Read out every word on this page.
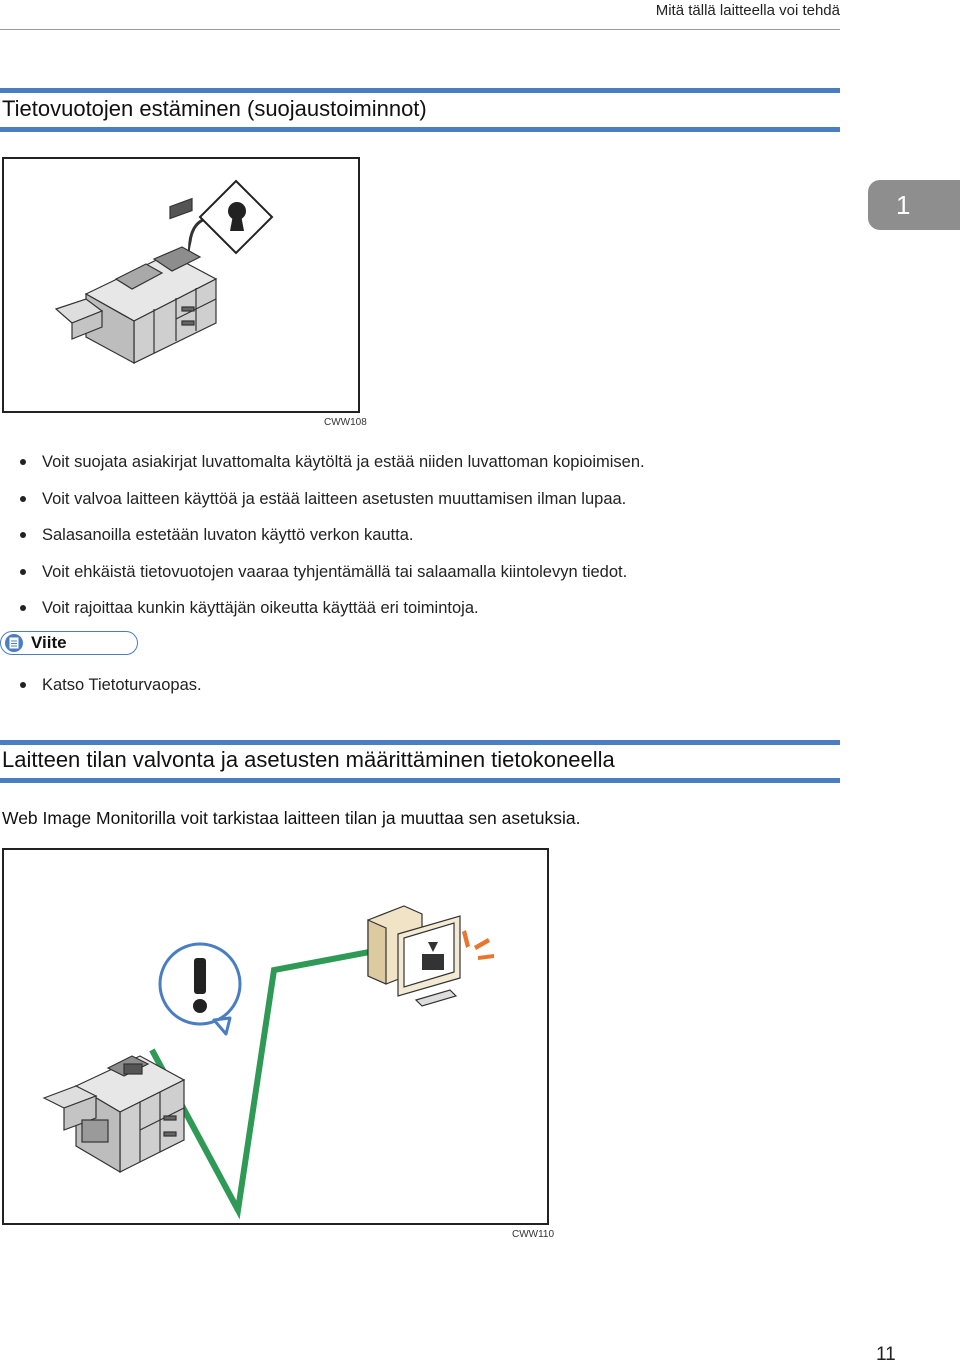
Mitä tällä laitteella voi tehdä
1
Tietovuotojen estäminen (suojaustoiminnot)
CWW108
Voit suojata asiakirjat luvattomalta käytöltä ja estää niiden luvattoman kopioimisen.
Voit valvoa laitteen käyttöä ja estää laitteen asetusten muuttamisen ilman lupaa.
Salasanoilla estetään luvaton käyttö verkon kautta.
Voit ehkäistä tietovuotojen vaaraa tyhjentämällä tai salaamalla kiintolevyn tiedot.
Voit rajoittaa kunkin käyttäjän oikeutta käyttää eri toimintoja.
Viite
Katso Tietoturvaopas.
Laitteen tilan valvonta ja asetusten määrittäminen tietokoneella
Web Image Monitorilla voit tarkistaa laitteen tilan ja muuttaa sen asetuksia.
CWW110
11
